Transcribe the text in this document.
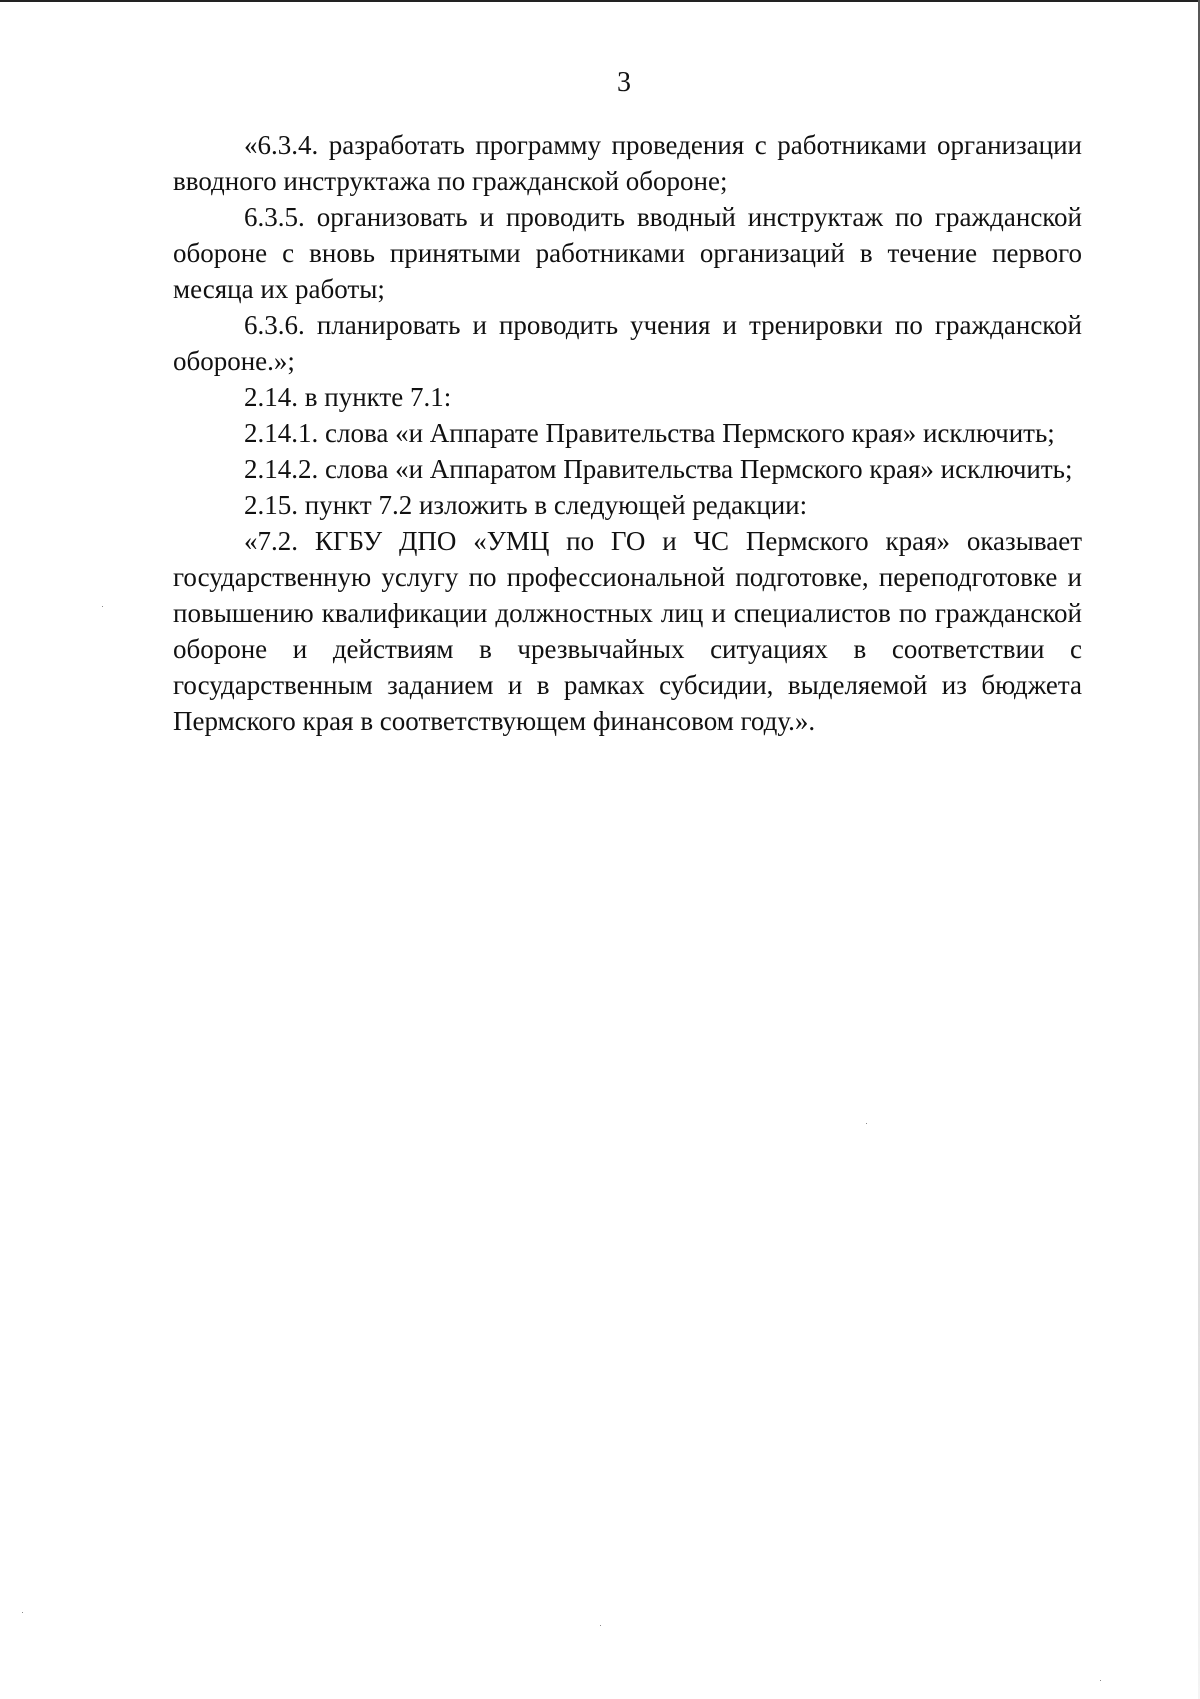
3

«6.3.4. разработать программу проведения с работниками организации вводного инструктажа по гражданской обороне;

6.3.5. организовать и проводить вводный инструктаж по гражданской обороне с вновь принятыми работниками организаций в течение первого месяца их работы;

6.3.6. планировать и проводить учения и тренировки по гражданской обороне.»;

2.14. в пункте 7.1:

2.14.1. слова «и Аппарате Правительства Пермского края» исключить;

2.14.2. слова «и Аппаратом Правительства Пермского края» исключить;

2.15. пункт 7.2 изложить в следующей редакции:

«7.2. КГБУ ДПО «УМЦ по ГО и ЧС Пермского края» оказывает государственную услугу по профессиональной подготовке, переподготовке и повышению квалификации должностных лиц и специалистов по гражданской обороне и действиям в чрезвычайных ситуациях в соответствии с государственным заданием и в рамках субсидии, выделяемой из бюджета Пермского края в соответствующем финансовом году.».
